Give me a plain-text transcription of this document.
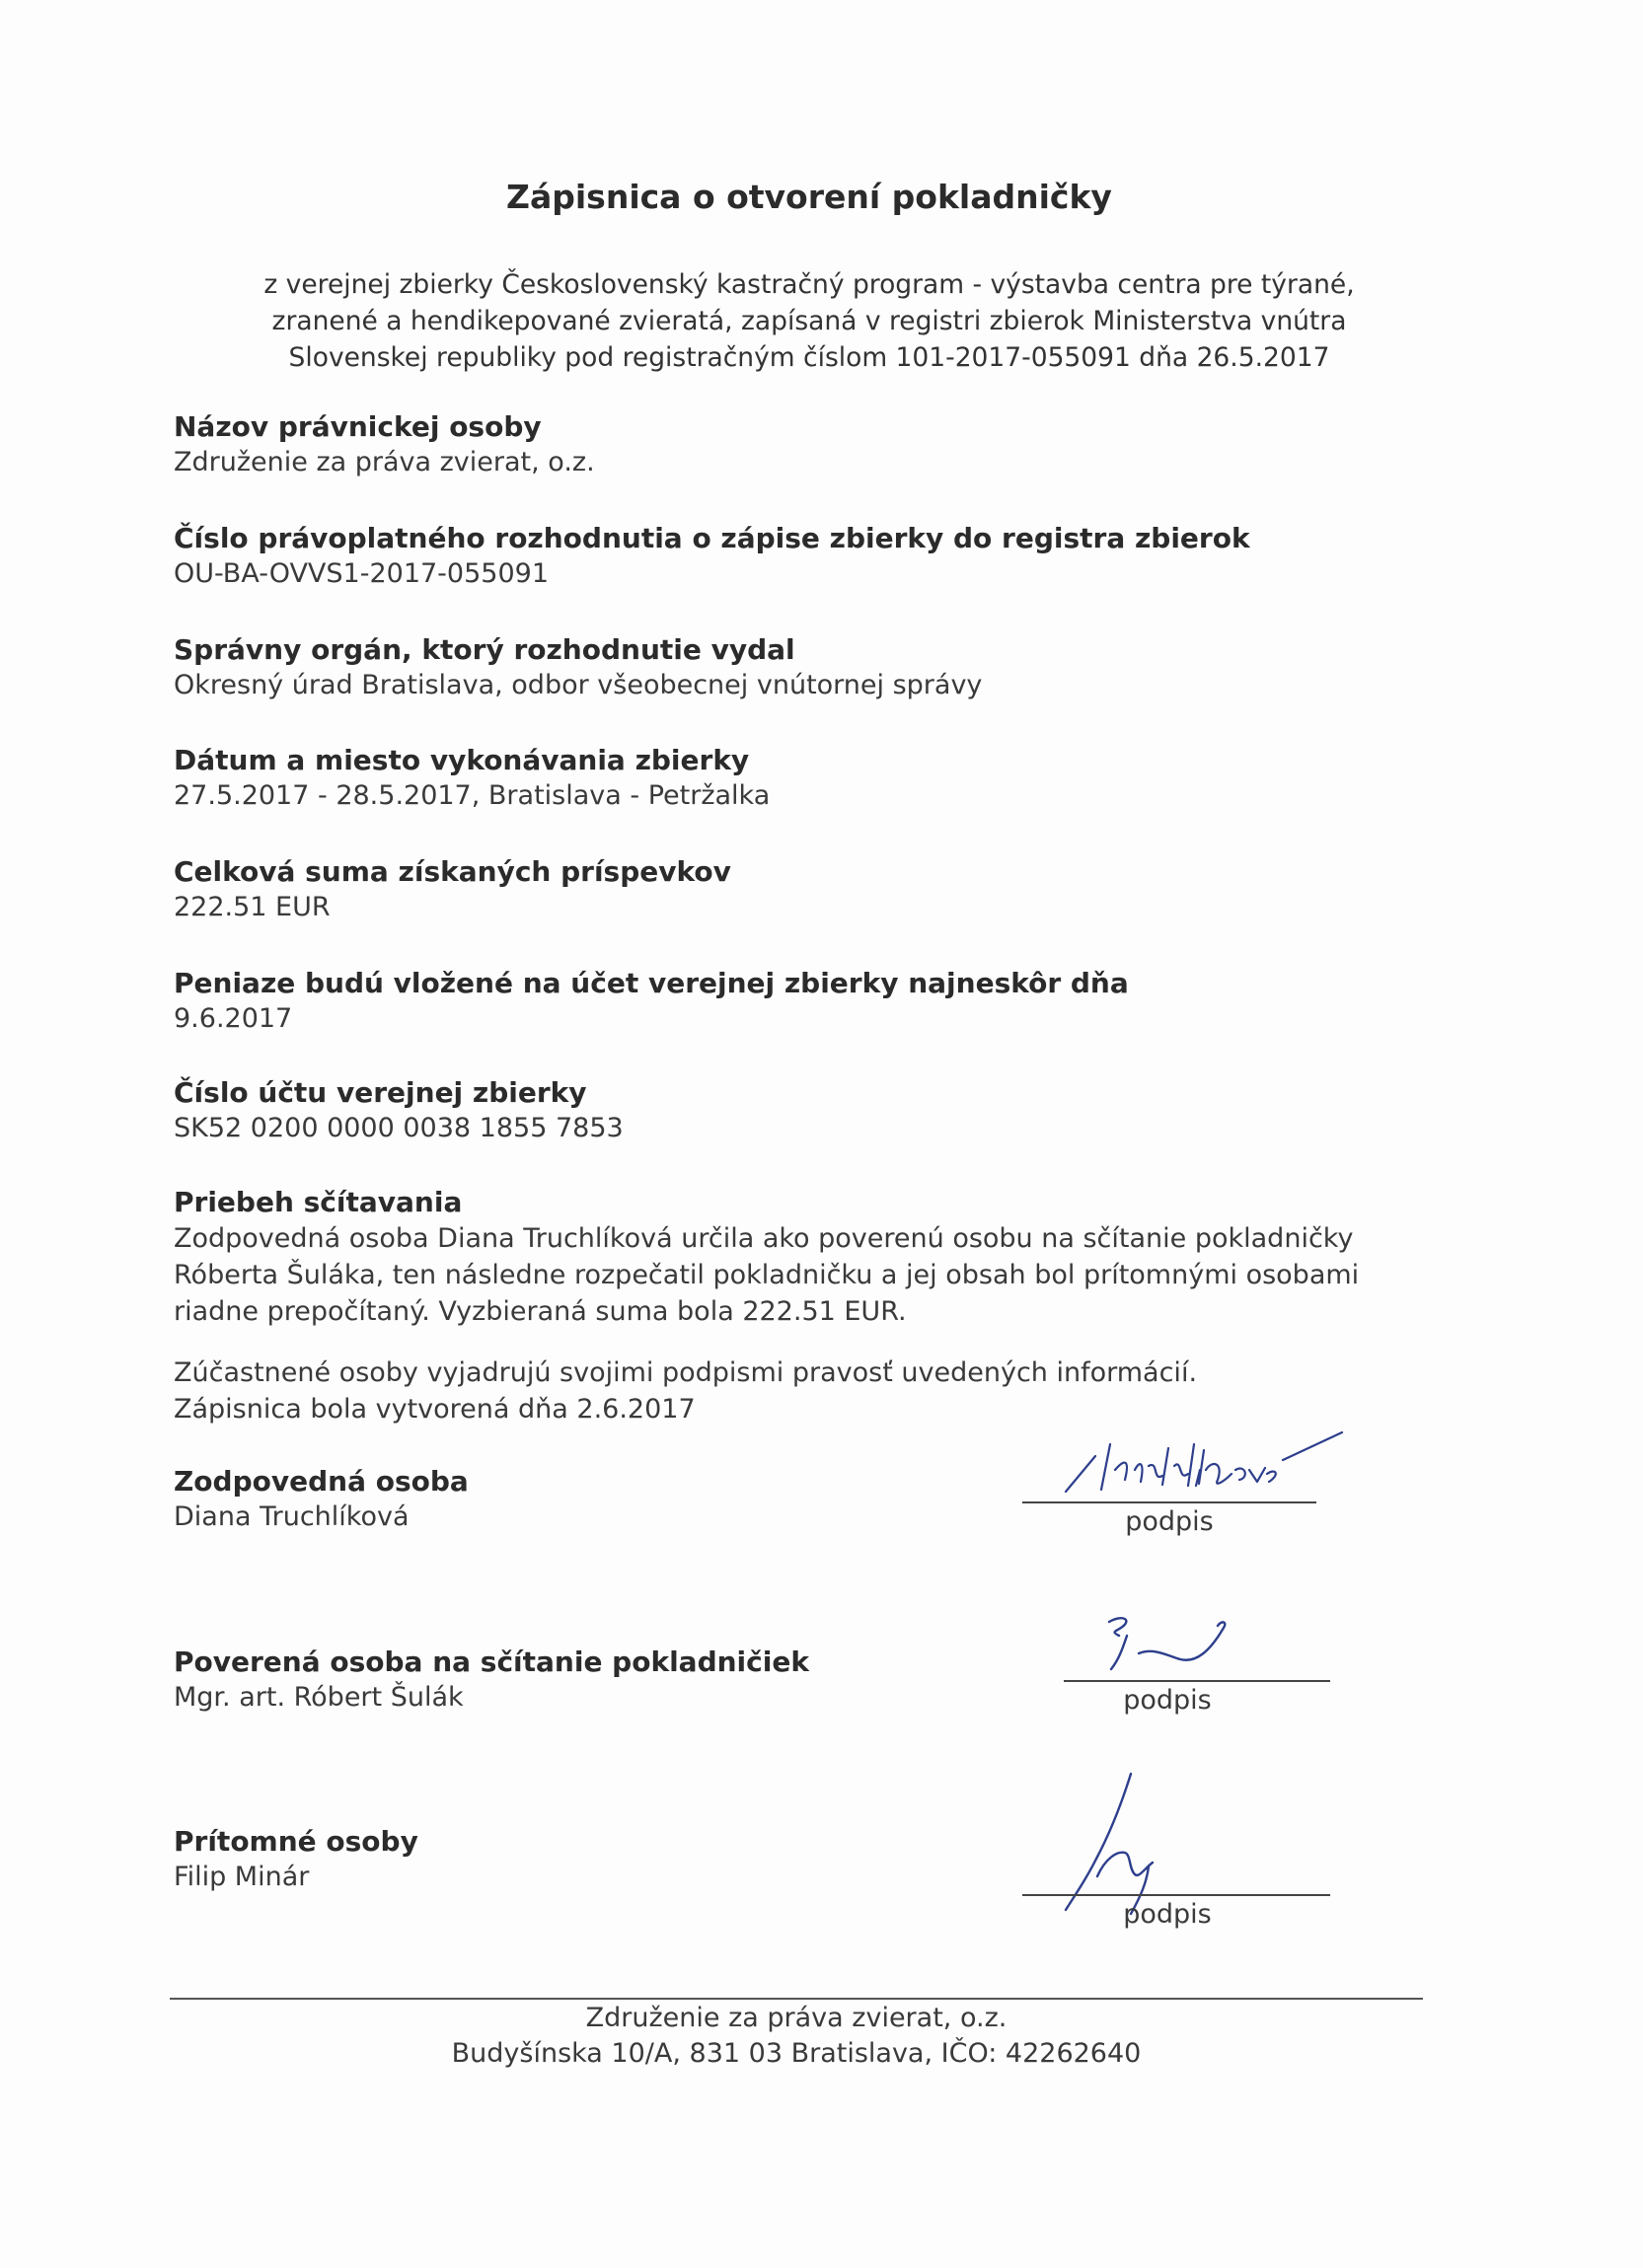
Zápisnica o otvorení pokladničky
z verejnej zbierky Československý kastračný program - výstavba centra pre týrané,
zranené a hendikepované zvieratá, zapísaná v registri zbierok Ministerstva vnútra
Slovenskej republiky pod registračným číslom 101-2017-055091 dňa 26.5.2017
Názov právnickej osoby
Združenie za práva zvierat, o.z.
Číslo právoplatného rozhodnutia o zápise zbierky do registra zbierok
OU-BA-OVVS1-2017-055091
Správny orgán, ktorý rozhodnutie vydal
Okresný úrad Bratislava, odbor všeobecnej vnútornej správy
Dátum a miesto vykonávania zbierky
27.5.2017 - 28.5.2017, Bratislava - Petržalka
Celková suma získaných príspevkov
222.51 EUR
Peniaze budú vložené na účet verejnej zbierky najneskôr dňa
9.6.2017
Číslo účtu verejnej zbierky
SK52 0200 0000 0038 1855 7853
Priebeh sčítavania
Zodpovedná osoba Diana Truchlíková určila ako poverenú osobu na sčítanie pokladničky
Róberta Šuláka, ten následne rozpečatil pokladničku a jej obsah bol prítomnými osobami
riadne prepočítaný. Vyzbieraná suma bola 222.51 EUR.
Zúčastnené osoby vyjadrujú svojimi podpismi pravosť uvedených informácií.
Zápisnica bola vytvorená dňa 2.6.2017
Zodpovedná osoba
Diana Truchlíková	podpis
Poverená osoba na sčítanie pokladničiek
Mgr. art. Róbert Šulák	podpis
Prítomné osoby
Filip Minár
podpis
Združenie za práva zvierat, o.z.
Budyšínska 10/A, 831 03 Bratislava, IČO: 42262640
